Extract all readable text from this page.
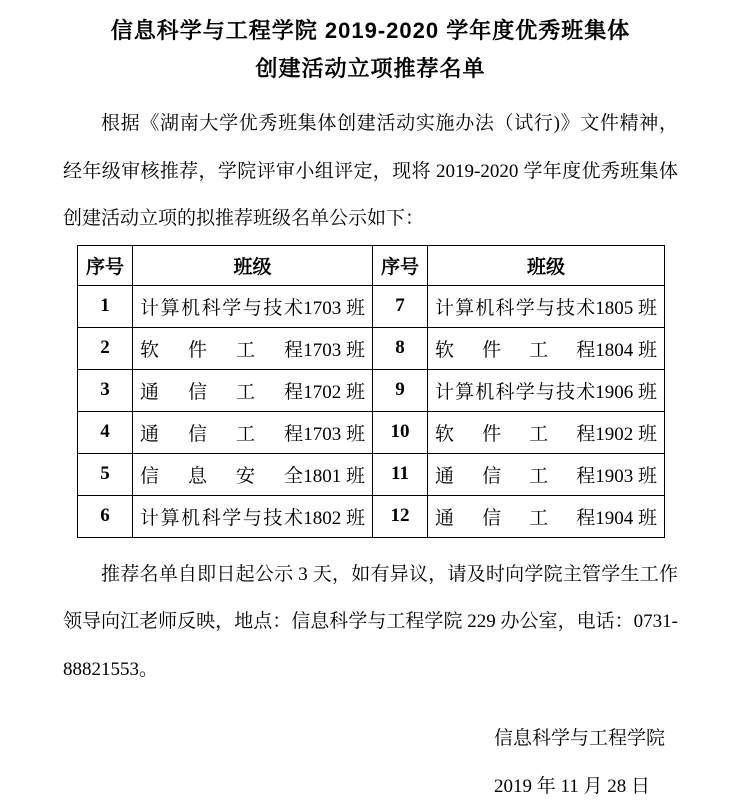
信息科学与工程学院 2019-2020 学年度优秀班集体
创建活动立项推荐名单
根据《湖南大学优秀班集体创建活动实施办法（试行)》文件精神，
经年级审核推荐，学院评审小组评定，现将 2019-2020 学年度优秀班集体
创建活动立项的拟推荐班级名单公示如下：
序号	班级	序号	班级
1	计算机科学与技术 1703 班	7	计算机科学与技术 1805 班

2	软件工程 1703 班	8	软件工程 1804 班

3	通信工程 1702 班	9	计算机科学与技术 1906 班

4	通信工程 1703 班	10	软件工程 1902 班

5	信息安全 1801 班	11	通信工程 1903 班

6	计算机科学与技术 1802 班	12	通信工程 1904 班
推荐名单自即日起公示 3 天，如有异议，请及时向学院主管学生工作
领导向江老师反映，地点：信息科学与工程学院 229 办公室，电话：0731-
88821553。
信息科学与工程学院
2019 年 11 月 28 日
